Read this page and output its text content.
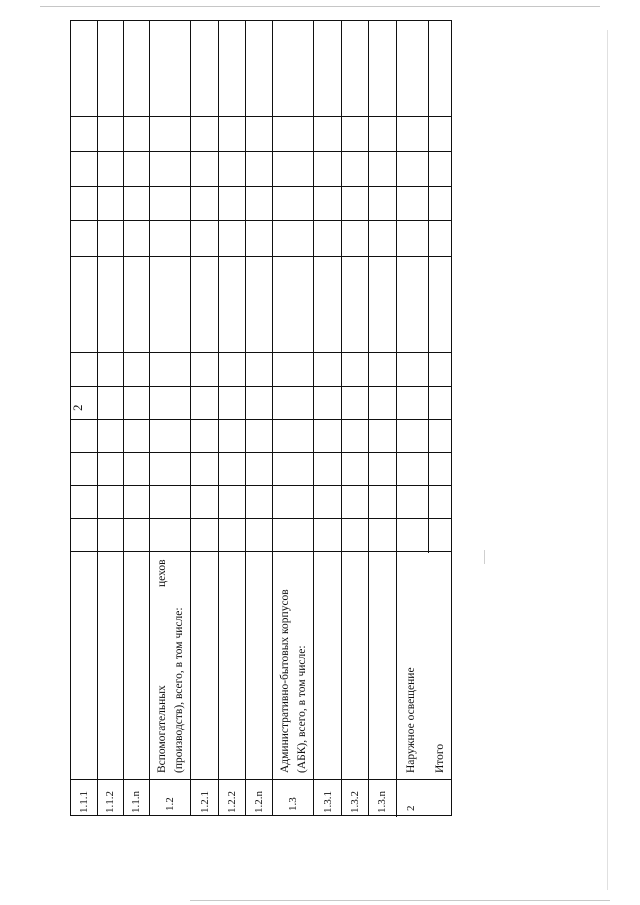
2
1.1.1 1.1.2 1.1.n 1.2 1.2.1 1.2.2 1.2.n 1.3 1.3.1 1.3.2 1.3.n 2
Вспомогательных
цехов
(производств), всего, в том числе:	Административно-бытовых корпусов (АБК), всего, в том числе:	Наружное освещение Итого
